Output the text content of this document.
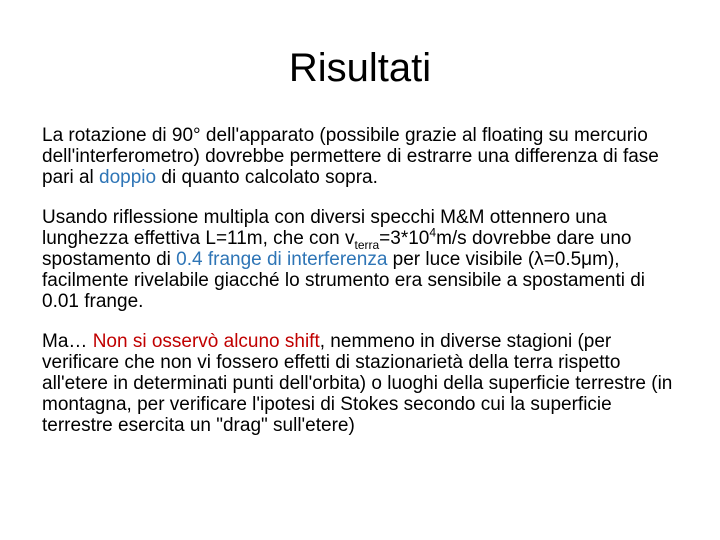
Risultati

La rotazione di 90° dell'apparato (possibile grazie al floating su mercurio dell'interferometro) dovrebbe permettere di estrarre una differenza di fase pari al doppio di quanto calcolato sopra.

Usando riflessione multipla con diversi specchi M&M ottennero una lunghezza effettiva L=11m, che con $v_{terra}=3*10^4m/s$ dovrebbe dare uno spostamento di 0.4 frange di interferenza per luce visibile (λ=0.5μm), facilmente rivelabile giacché lo strumento era sensibile a spostamenti di 0.01 frange.

Ma… Non si osservò alcuno shift, nemmeno in diverse stagioni (per verificare che non vi fossero effetti di stazionarietà della terra rispetto all'etere in determinati punti dell'orbita) o luoghi della superficie terrestre (in montagna, per verificare l'ipotesi di Stokes secondo cui la superficie terrestre esercita un "drag" sull'etere)
